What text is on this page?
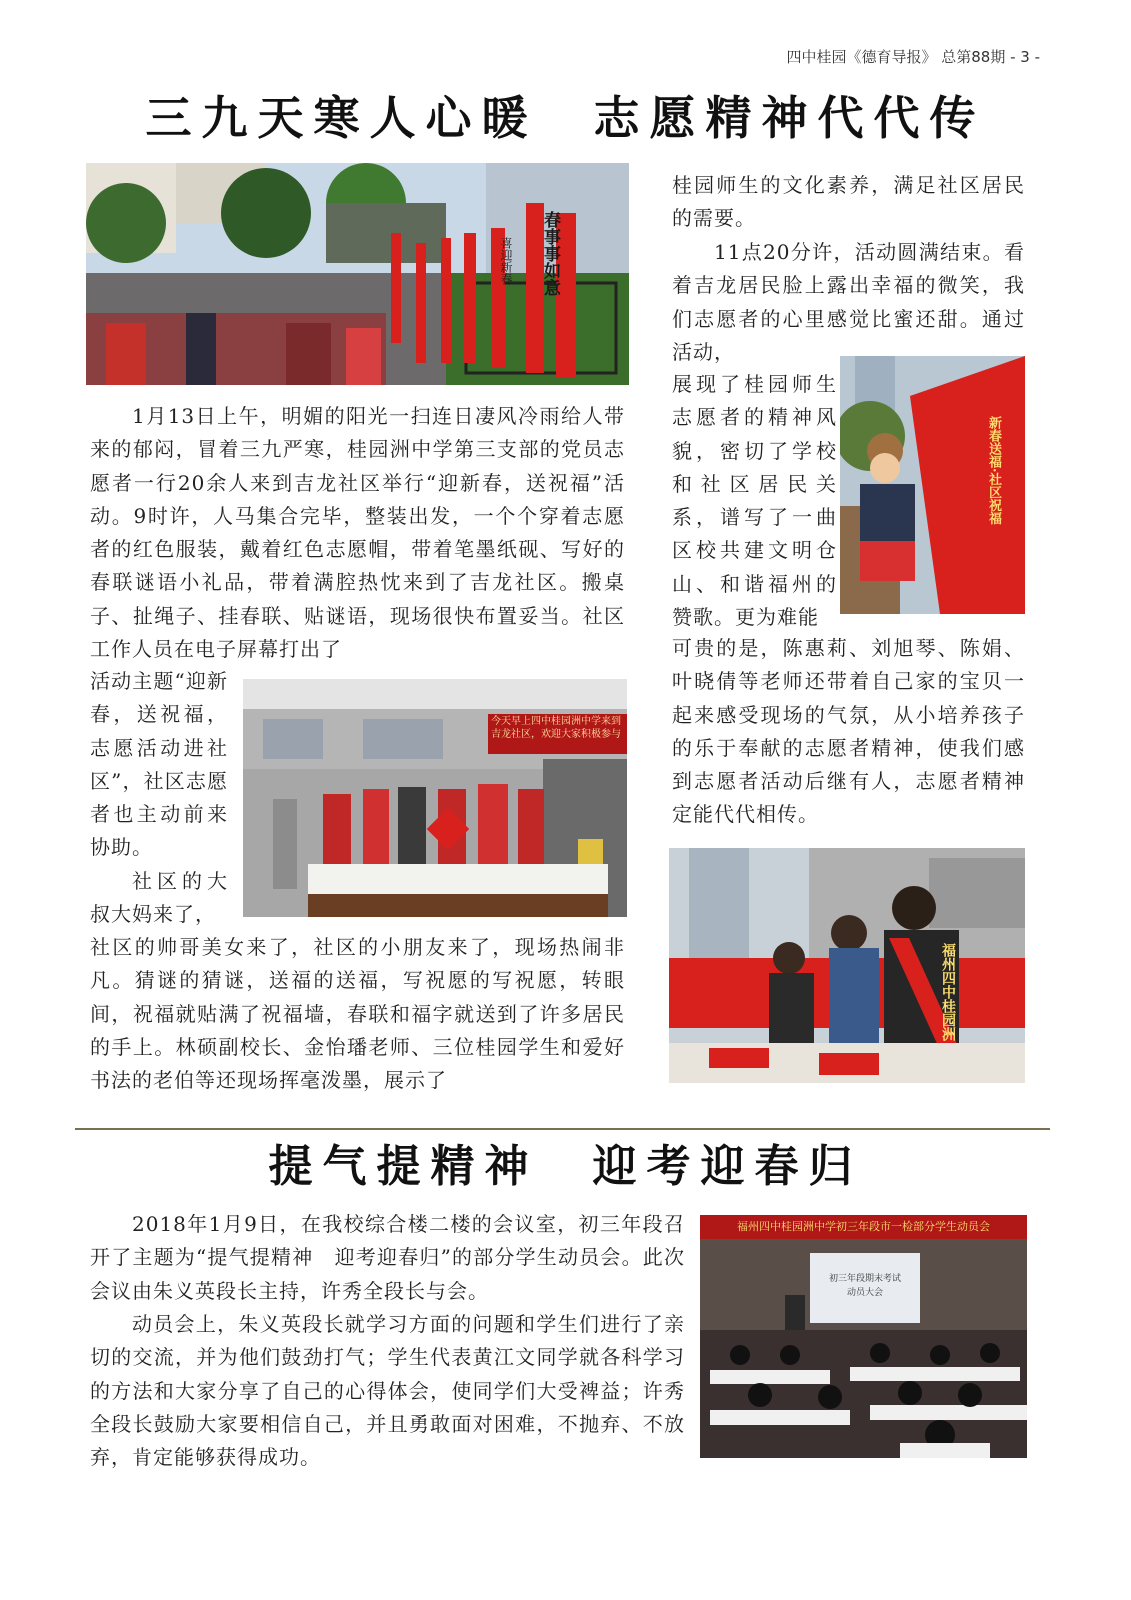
四中桂园《德育导报》 总第88期 - 3 -
三九天寒人心暖　志愿精神代代传
春事事如意
喜迎新春
1月13日上午，明媚的阳光一扫连日凄风冷雨给人带来的郁闷，冒着三九严寒，桂园洲中学第三支部的党员志愿者一行20余人来到吉龙社区举行“迎新春，送祝福”活动。9时许，人马集合完毕，整装出发，一个个穿着志愿者的红色服装，戴着红色志愿帽，带着笔墨纸砚、写好的春联谜语小礼品，带着满腔热忱来到了吉龙社区。搬桌子、扯绳子、挂春联、贴谜语，现场很快布置妥当。社区工作人员在电子屏幕打出了
今天早上四中桂园洲中学来到吉龙社区，欢迎大家积极参与
活动主题“迎新春，送祝福，志愿活动进社区”，社区志愿者也主动前来协助。
社区的大叔大妈来了，
社区的帅哥美女来了，社区的小朋友来了，现场热闹非凡。猜谜的猜谜，送福的送福，写祝愿的写祝愿，转眼间，祝福就贴满了祝福墙，春联和福字就送到了许多居民的手上。林硕副校长、金怡璠老师、三位桂园学生和爱好书法的老伯等还现场挥毫泼墨，展示了
桂园师生的文化素养，满足社区居民的需要。
11点20分许，活动圆满结束。看着吉龙居民脸上露出幸福的微笑，我们志愿者的心里感觉比蜜还甜。通过活动，
新春送福·社区祝福
展现了桂园师生志愿者的精神风貌，密切了学校和社区居民关系，谱写了一曲区校共建文明仓山、和谐福州的赞歌。更为难能
可贵的是，陈惠莉、刘旭琴、陈娟、叶晓倩等老师还带着自己家的宝贝一起来感受现场的气氛，从小培养孩子的乐于奉献的志愿者精神，使我们感到志愿者活动后继有人，志愿者精神定能代代相传。
福州四中桂园洲
提气提精神　迎考迎春归
2018年1月9日，在我校综合楼二楼的会议室，初三年段召开了主题为“提气提精神　迎考迎春归”的部分学生动员会。此次会议由朱义英段长主持，许秀全段长与会。
动员会上，朱义英段长就学习方面的问题和学生们进行了亲切的交流，并为他们鼓劲打气；学生代表黄江文同学就各科学习的方法和大家分享了自己的心得体会，使同学们大受裨益；许秀全段长鼓励大家要相信自己，并且勇敢面对困难，不抛弃、不放弃，肯定能够获得成功。
福州四中桂园洲中学初三年段市一检部分学生动员会
初三年段期末考试
动员大会
